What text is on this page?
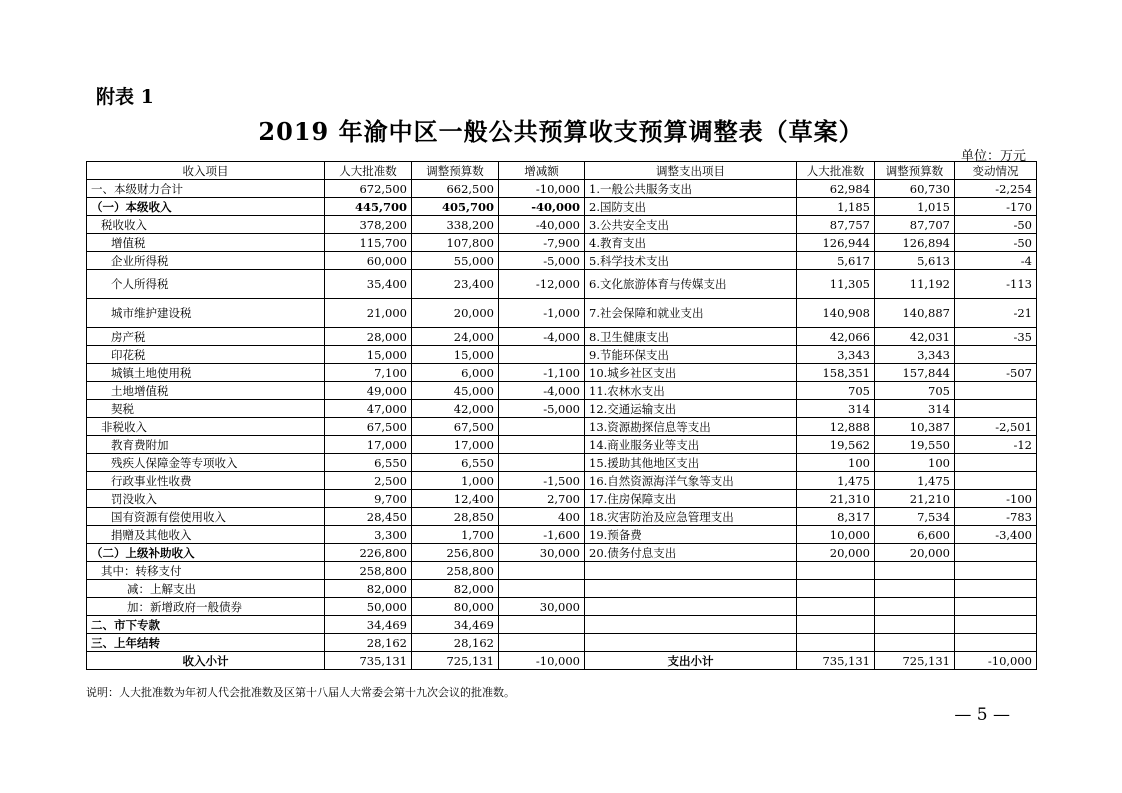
附表 1
2019 年渝中区一般公共预算收支预算调整表（草案）
单位：万元
收入项目	人大批准数	调整预算数	增减额	调整支出项目	人大批准数	调整预算数	变动情况
一、本级财力合计	672,500	662,500	-10,000	1.一般公共服务支出	62,984	60,730	-2,254
（一）本级收入	445,700	405,700	-40,000	2.国防支出	1,185	1,015	-170
税收收入	378,200	338,200	-40,000	3.公共安全支出	87,757	87,707	-50
增值税	115,700	107,800	-7,900	4.教育支出	126,944	126,894	-50
企业所得税	60,000	55,000	-5,000	5.科学技术支出	5,617	5,613	-4
个人所得税	35,400	23,400	-12,000	6.文化旅游体育与传媒支出	11,305	11,192	-113
城市维护建设税	21,000	20,000	-1,000	7.社会保障和就业支出	140,908	140,887	-21
房产税	28,000	24,000	-4,000	8.卫生健康支出	42,066	42,031	-35
印花税	15,000	15,000		9.节能环保支出	3,343	3,343	
城镇土地使用税	7,100	6,000	-1,100	10.城乡社区支出	158,351	157,844	-507
土地增值税	49,000	45,000	-4,000	11.农林水支出	705	705	
契税	47,000	42,000	-5,000	12.交通运输支出	314	314	
非税收入	67,500	67,500		13.资源勘探信息等支出	12,888	10,387	-2,501
教育费附加	17,000	17,000		14.商业服务业等支出	19,562	19,550	-12
残疾人保障金等专项收入	6,550	6,550		15.援助其他地区支出	100	100	
行政事业性收费	2,500	1,000	-1,500	16.自然资源海洋气象等支出	1,475	1,475	
罚没收入	9,700	12,400	2,700	17.住房保障支出	21,310	21,210	-100
国有资源有偿使用收入	28,450	28,850	400	18.灾害防治及应急管理支出	8,317	7,534	-783
捐赠及其他收入	3,300	1,700	-1,600	19.预备费	10,000	6,600	-3,400
（二）上级补助收入	226,800	256,800	30,000	20.债务付息支出	20,000	20,000	
其中：转移支付	258,800	258,800					
减：上解支出	82,000	82,000					
加：新增政府一般债券	50,000	80,000	30,000				
二、市下专款	34,469	34,469					
三、上年结转	28,162	28,162					
收入小计	735,131	725,131	-10,000	支出小计	735,131	725,131	-10,000
说明：人大批准数为年初人代会批准数及区第十八届人大常委会第十九次会议的批准数。
— 5 —
